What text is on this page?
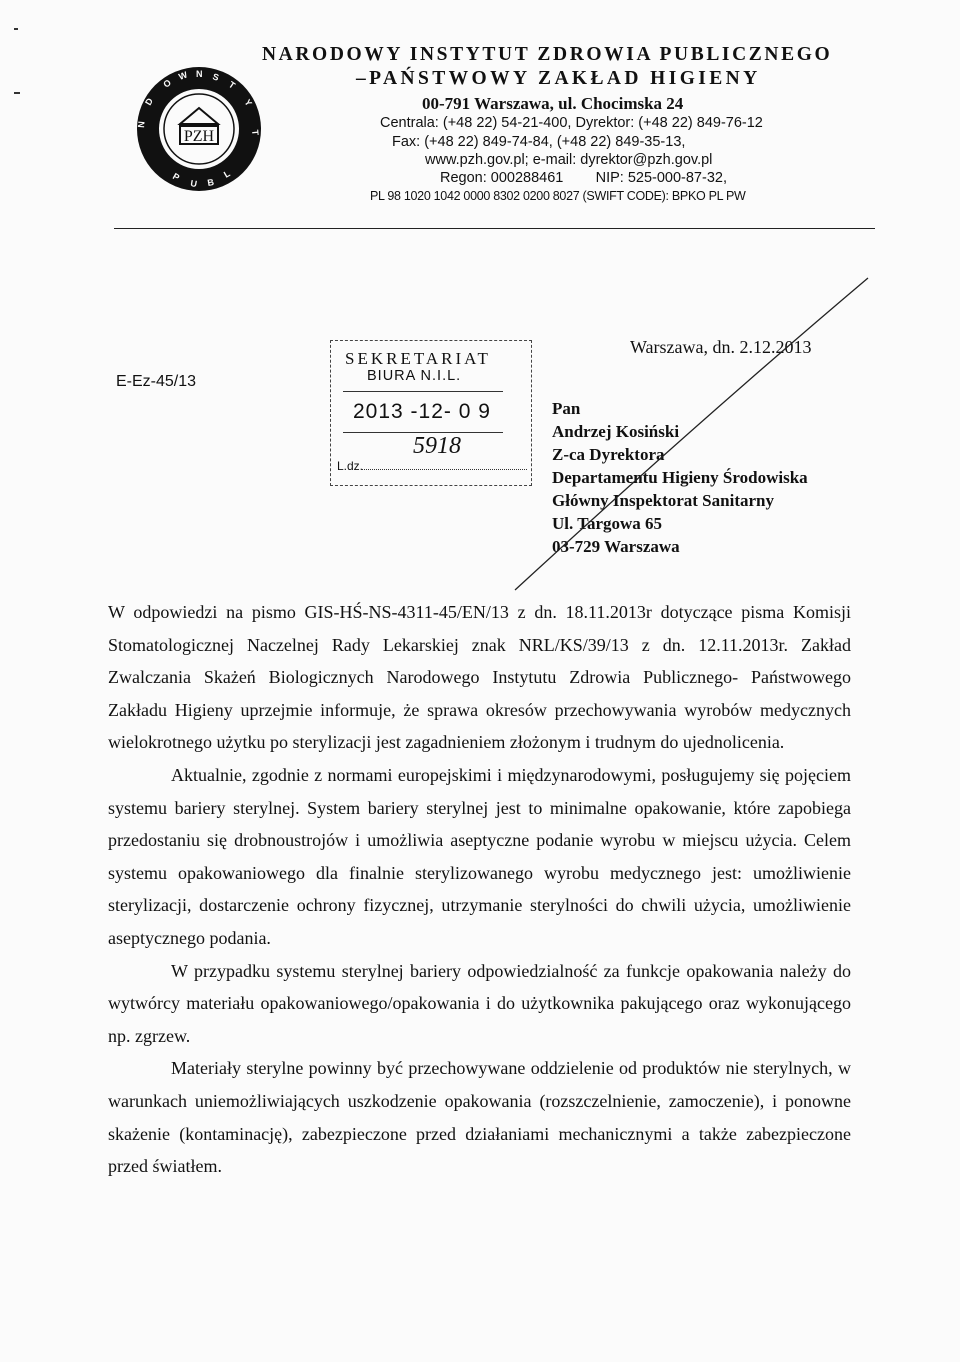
PZH
O
W N S
T
Y
D
N
T
P
U B
L
NARODOWY INSTYTUT ZDROWIA PUBLICZNEGO
–PAŃSTWOWY ZAKŁAD HIGIENY
00-791 Warszawa, ul. Chocimska 24
Centrala: (+48 22) 54-21-400, Dyrektor: (+48 22) 849-76-12
Fax: (+48 22) 849-74-84, (+48 22) 849-35-13,
www.pzh.gov.pl; e-mail: dyrektor@pzh.gov.pl
Regon: 000288461        NIP: 525-000-87-32,
PL 98 1020 1042 0000 8302 0200 8027 (SWIFT CODE): BPKO PL PW
E-Ez-45/13
SEKRETARIAT
BIURA N.I.L.
2013 -12- 0 9
5918
L.dz.
Warszawa, dn. 2.12.2013
Pan
Andrzej Kosiński
Z-ca Dyrektora
Departamentu Higieny Środowiska
Główny Inspektorat Sanitarny
Ul. Targowa 65
03-729 Warszawa

W odpowiedzi na pismo GIS-HŚ-NS-4311-45/EN/13 z dn. 18.11.2013r dotyczące pisma Komisji Stomatologicznej Naczelnej Rady Lekarskiej znak NRL/KS/39/13 z dn. 12.11.2013r. Zakład Zwalczania Skażeń Biologicznych Narodowego Instytutu Zdrowia Publicznego- Państwowego Zakładu Higieny uprzejmie informuje, że sprawa okresów przechowywania wyrobów medycznych wielokrotnego użytku po sterylizacji jest zagadnieniem złożonym i trudnym do ujednolicenia.

Aktualnie, zgodnie z normami europejskimi i międzynarodowymi, posługujemy się pojęciem systemu bariery sterylnej. System bariery sterylnej jest to minimalne opakowanie, które zapobiega przedostaniu się drobnoustrojów i umożliwia aseptyczne podanie wyrobu w miejscu użycia. Celem systemu opakowaniowego dla finalnie sterylizowanego wyrobu medycznego jest: umożliwienie sterylizacji, dostarczenie ochrony fizycznej, utrzymanie sterylności do chwili użycia, umożliwienie aseptycznego podania.

W przypadku systemu sterylnej bariery odpowiedzialność za funkcje opakowania należy do wytwórcy materiału opakowaniowego/opakowania i do użytkownika pakującego oraz wykonującego np. zgrzew.

Materiały sterylne powinny być przechowywane oddzielenie od produktów nie sterylnych, w warunkach uniemożliwiających uszkodzenie opakowania (rozszczelnienie, zamoczenie), i ponowne skażenie (kontaminację), zabezpieczone przed działaniami mechanicznymi a także zabezpieczone przed światłem.
